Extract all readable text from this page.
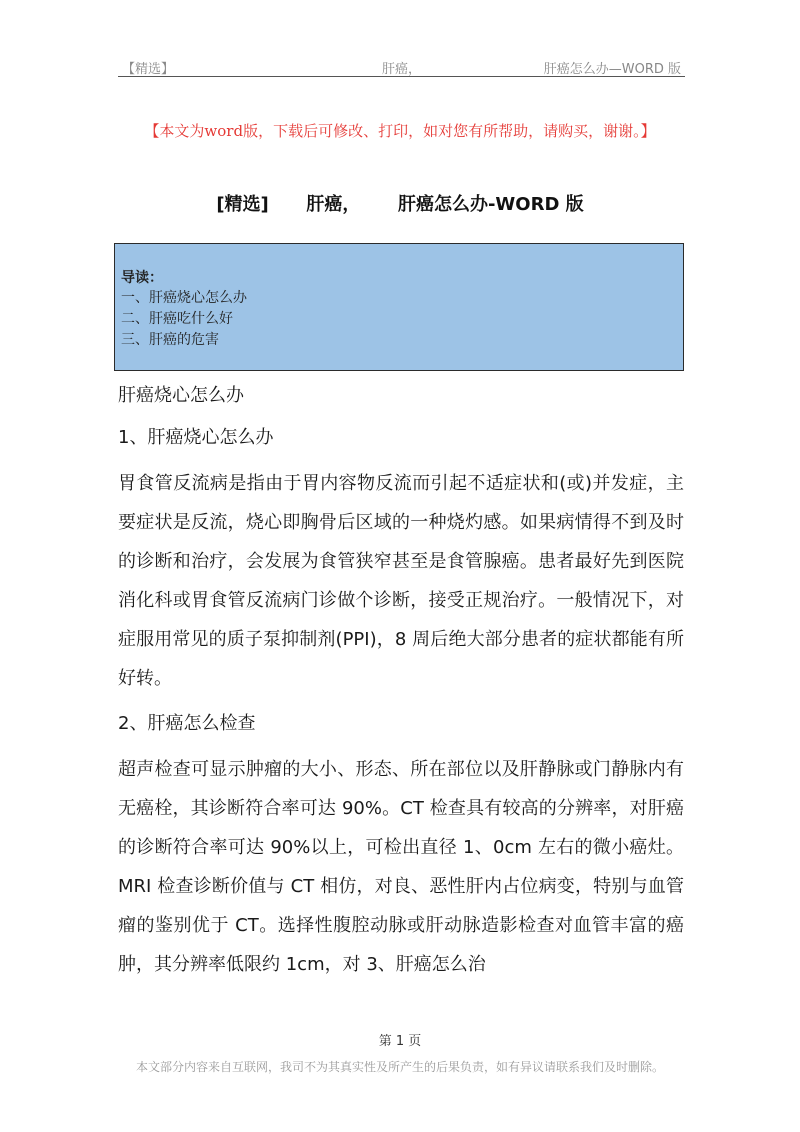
【精选】	肝癌，	肝癌怎么办—WORD 版
【本文为word版，下载后可修改、打印，如对您有所帮助，请购买，谢谢。】
[精选]      肝癌，      肝癌怎么办-WORD 版
导读：
一、肝癌烧心怎么办
二、肝癌吃什么好
三、肝癌的危害

肝癌烧心怎么办

1、肝癌烧心怎么办

胃食管反流病是指由于胃内容物反流而引起不适症状和(或)并发症，主要症状是反流，烧心即胸骨后区域的一种烧灼感。如果病情得不到及时的诊断和治疗，会发展为食管狭窄甚至是食管腺癌。患者最好先到医院消化科或胃食管反流病门诊做个诊断，接受正规治疗。一般情况下，对症服用常见的质子泵抑制剂(PPI)，8 周后绝大部分患者的症状都能有所好转。

2、肝癌怎么检查

超声检查可显示肿瘤的大小、形态、所在部位以及肝静脉或门静脉内有无癌栓，其诊断符合率可达 90%。CT 检查具有较高的分辨率，对肝癌的诊断符合率可达 90%以上，可检出直径 1、0cm 左右的微小癌灶。MRI 检查诊断价值与 CT 相仿，对良、恶性肝内占位病变，特别与血管瘤的鉴别优于 CT。选择性腹腔动脉或肝动脉造影检查对血管丰富的癌肿，其分辨率低限约 1cm，对 3、肝癌怎么治

第 1 页
本文部分内容来自互联网，我司不为其真实性及所产生的后果负责，如有异议请联系我们及时删除。
